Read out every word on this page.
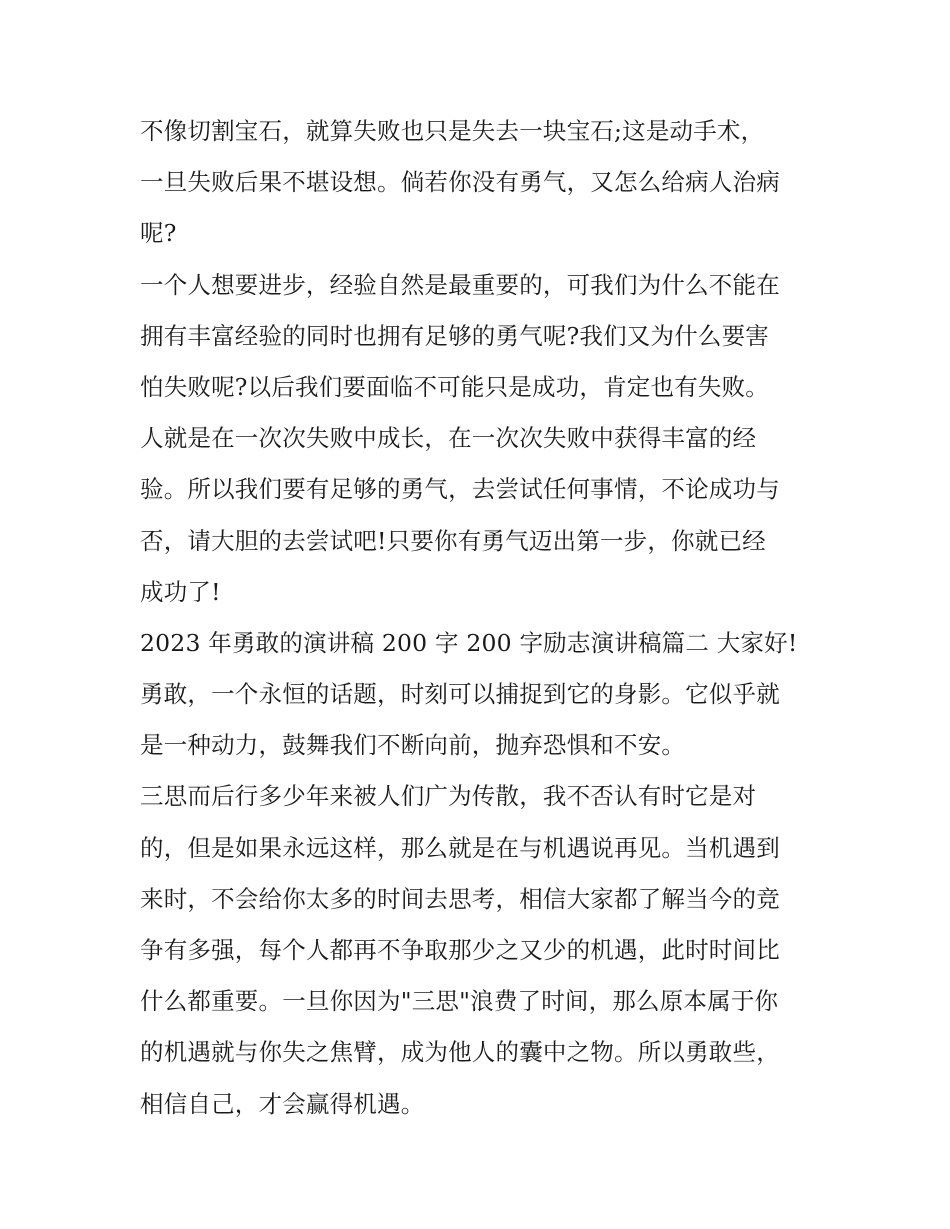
不像切割宝石，就算失败也只是失去一块宝石;这是动手术，
一旦失败后果不堪设想。倘若你没有勇气，又怎么给病人治病
呢?
一个人想要进步，经验自然是最重要的，可我们为什么不能在
拥有丰富经验的同时也拥有足够的勇气呢?我们又为什么要害
怕失败呢?以后我们要面临不可能只是成功，肯定也有失败。
人就是在一次次失败中成长，在一次次失败中获得丰富的经
验。所以我们要有足够的勇气，去尝试任何事情，不论成功与
否，请大胆的去尝试吧!只要你有勇气迈出第一步，你就已经
成功了!
2023 年勇敢的演讲稿 200 字 200 字励志演讲稿篇二 大家好!
勇敢，一个永恒的话题，时刻可以捕捉到它的身影。它似乎就
是一种动力，鼓舞我们不断向前，抛弃恐惧和不安。
三思而后行多少年来被人们广为传散，我不否认有时它是对
的，但是如果永远这样，那么就是在与机遇说再见。当机遇到
来时，不会给你太多的时间去思考，相信大家都了解当今的竞
争有多强，每个人都再不争取那少之又少的机遇，此时时间比
什么都重要。一旦你因为"三思"浪费了时间，那么原本属于你
的机遇就与你失之焦臂，成为他人的囊中之物。所以勇敢些，
相信自己，才会赢得机遇。
